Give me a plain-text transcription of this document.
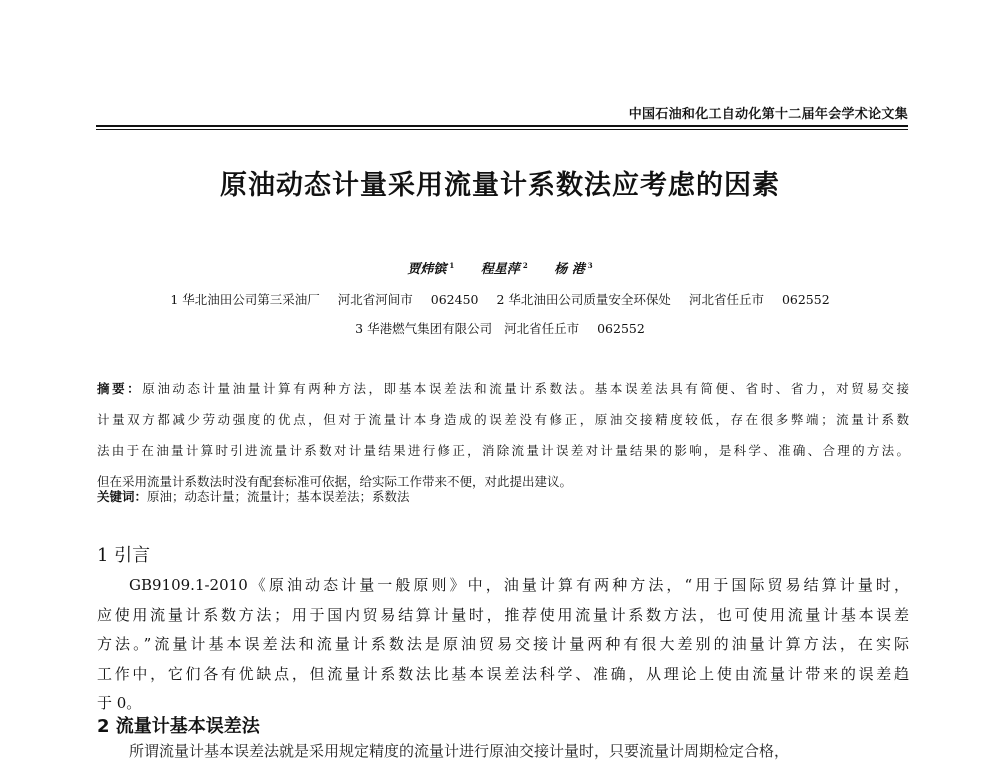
中国石油和化工自动化第十二届年会学术论文集
原油动态计量采用流量计系数法应考虑的因素
贾炜镔 $^1$ 程星萍 $^2$ 杨 港 $^3$
1 华北油田公司第三采油厂 河北省河间市 062450 2 华北油田公司质量安全环保处 河北省任丘市 062552
3 华港燃气集团有限公司 河北省任丘市 062552
摘要：原油动态计量油量计算有两种方法，即基本误差法和流量计系数法。基本误差法具有简便、省时、省力，对贸易交接
计量双方都减少劳动强度的优点，但对于流量计本身造成的误差没有修正，原油交接精度较低，存在很多弊端；流量计系数
法由于在油量计算时引进流量计系数对计量结果进行修正，消除流量计误差对计量结果的影响，是科学、准确、合理的方法。
但在采用流量计系数法时没有配套标准可依据，给实际工作带来不便，对此提出建议。
关键词：原油；动态计量；流量计；基本误差法；系数法
1 引言
GB9109.1-2010《原油动态计量一般原则》中，油量计算有两种方法，“用于国际贸易结算计量时，
应使用流量计系数方法；用于国内贸易结算计量时，推荐使用流量计系数方法，也可使用流量计基本误差
方法。”流量计基本误差法和流量计系数法是原油贸易交接计量两种有很大差别的油量计算方法，在实际
工作中，它们各有优缺点，但流量计系数法比基本误差法科学、准确，从理论上使由流量计带来的误差趋
于 0。
2 流量计基本误差法
所谓流量计基本误差法就是采用规定精度的流量计进行原油交接计量时，只要流量计周期检定合格，
